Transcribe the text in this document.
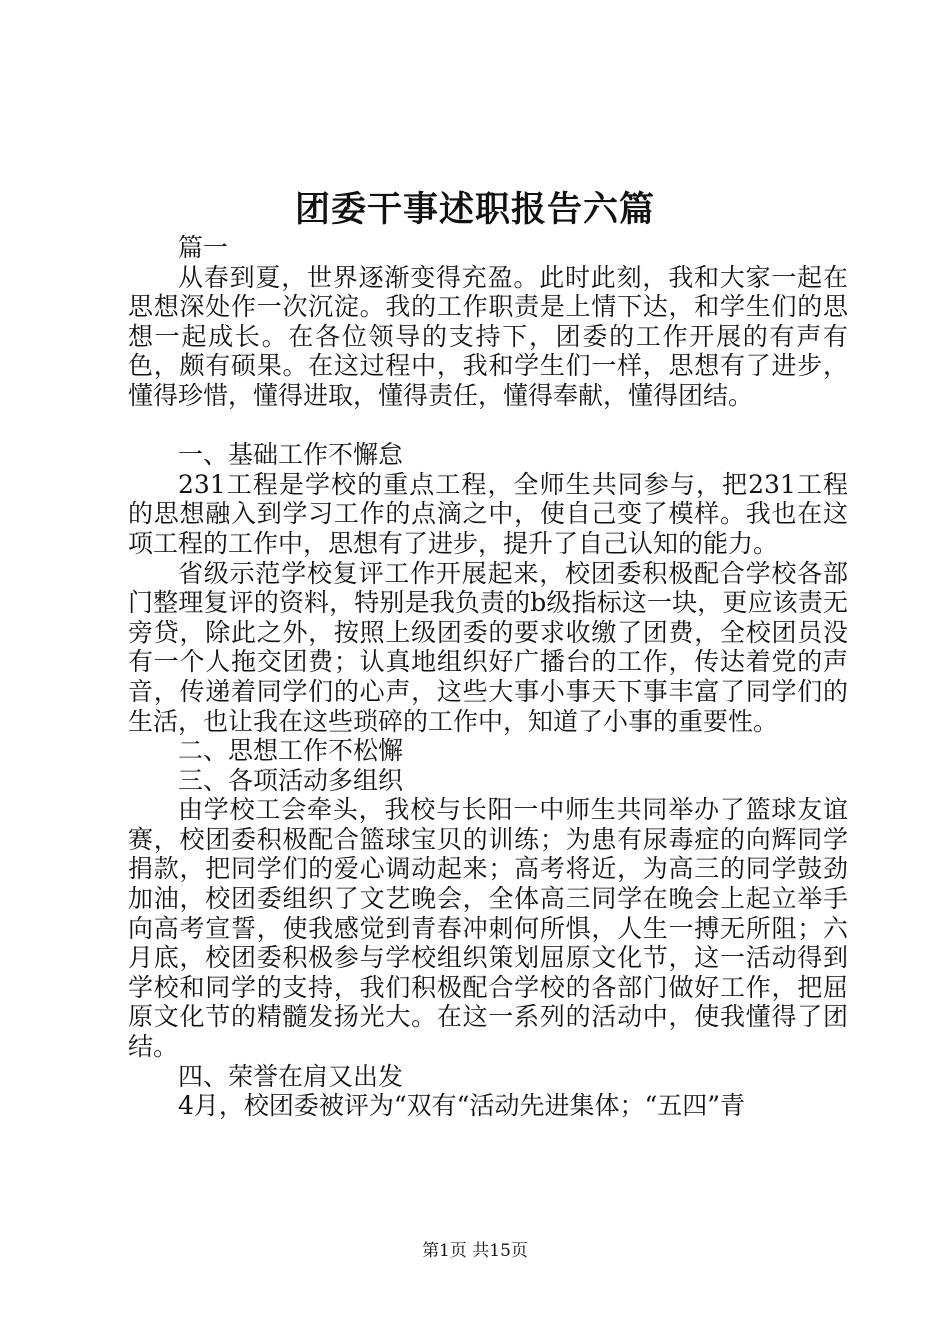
团委干事述职报告六篇

篇一

从春到夏，世界逐渐变得充盈。此时此刻，我和大家一起在思想深处作一次沉淀。我的工作职责是上情下达，和学生们的思想一起成长。在各位领导的支持下，团委的工作开展的有声有色，颇有硕果。在这过程中，我和学生们一样，思想有了进步，懂得珍惜，懂得进取，懂得责任，懂得奉献，懂得团结。

一、基础工作不懈怠

231工程是学校的重点工程，全师生共同参与，把231工程的思想融入到学习工作的点滴之中，使自己变了模样。我也在这项工程的工作中，思想有了进步，提升了自己认知的能力。

省级示范学校复评工作开展起来，校团委积极配合学校各部门整理复评的资料，特别是我负责的b级指标这一块，更应该责无旁贷，除此之外，按照上级团委的要求收缴了团费，全校团员没有一个人拖交团费；认真地组织好广播台的工作，传达着党的声音，传递着同学们的心声，这些大事小事天下事丰富了同学们的生活，也让我在这些琐碎的工作中，知道了小事的重要性。

二、思想工作不松懈

三、各项活动多组织

由学校工会牵头，我校与长阳一中师生共同举办了篮球友谊赛，校团委积极配合篮球宝贝的训练；为患有尿毒症的向辉同学捐款，把同学们的爱心调动起来；高考将近，为高三的同学鼓劲加油，校团委组织了文艺晚会，全体高三同学在晚会上起立举手向高考宣誓，使我感觉到青春冲刺何所惧，人生一搏无所阻；六月底，校团委积极参与学校组织策划屈原文化节，这一活动得到学校和同学的支持，我们积极配合学校的各部门做好工作，把屈原文化节的精髓发扬光大。在这一系列的活动中，使我懂得了团结。

四、荣誉在肩又出发

4月，校团委被评为“双有“活动先进集体；“五四”青

第1页 共15页
